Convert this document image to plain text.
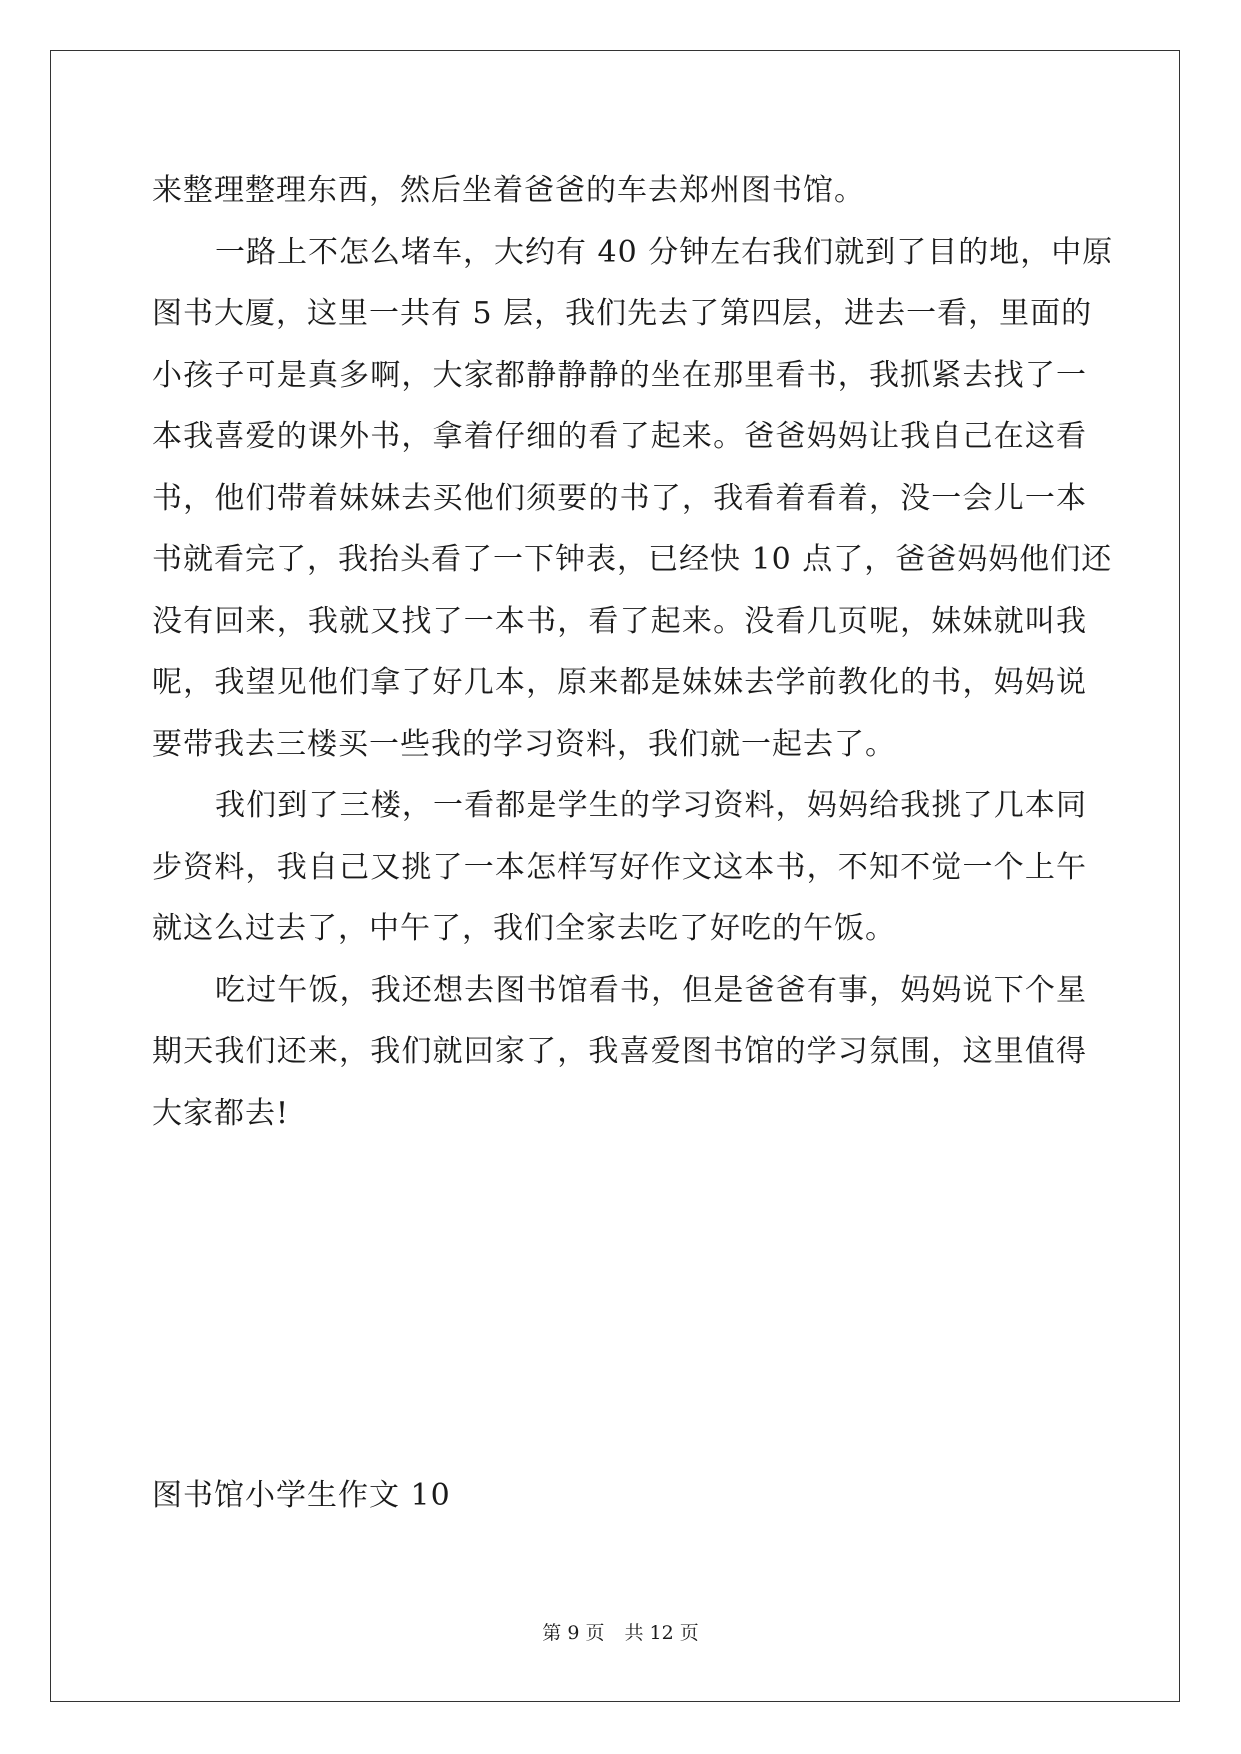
来整理整理东西，然后坐着爸爸的车去郑州图书馆。

一路上不怎么堵车，大约有 40 分钟左右我们就到了目的地，中原
图书大厦，这里一共有 5 层，我们先去了第四层，进去一看，里面的
小孩子可是真多啊，大家都静静静的坐在那里看书，我抓紧去找了一
本我喜爱的课外书，拿着仔细的看了起来。爸爸妈妈让我自己在这看
书，他们带着妹妹去买他们须要的书了，我看着看着，没一会儿一本
书就看完了，我抬头看了一下钟表，已经快 10 点了，爸爸妈妈他们还
没有回来，我就又找了一本书，看了起来。没看几页呢，妹妹就叫我
呢，我望见他们拿了好几本，原来都是妹妹去学前教化的书，妈妈说
要带我去三楼买一些我的学习资料，我们就一起去了。

我们到了三楼，一看都是学生的学习资料，妈妈给我挑了几本同
步资料，我自己又挑了一本怎样写好作文这本书，不知不觉一个上午
就这么过去了，中午了，我们全家去吃了好吃的午饭。

吃过午饭，我还想去图书馆看书，但是爸爸有事，妈妈说下个星
期天我们还来，我们就回家了，我喜爱图书馆的学习氛围，这里值得
大家都去!

图书馆小学生作文 10
第 9 页 共 12 页
